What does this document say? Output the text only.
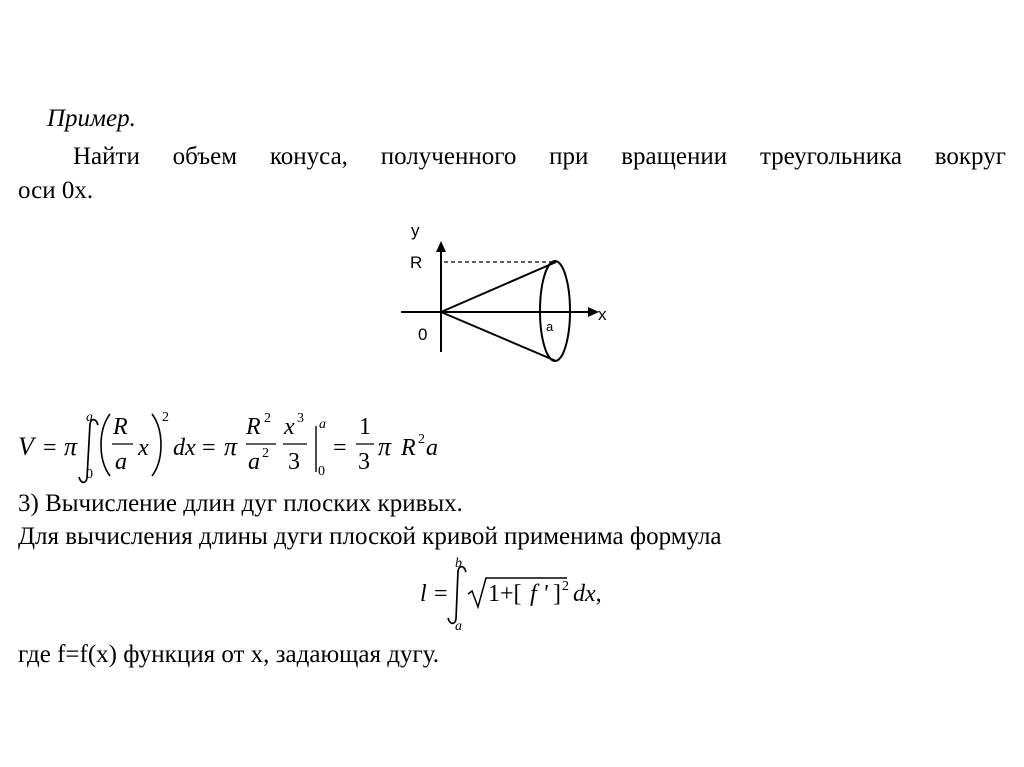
Пример.
Найти объем конуса, полученного при вращении треугольника вокруг
оси 0x.
y
R
x
0	a
V = π
a
0
R
a
x
2
dx = π
R 2
a 2
x 3
3
a
0
=
1
3
π R 2 a
3) Вычисление длин дуг плоских кривых.
Для вычисления длины дуги плоской кривой применима формула
l =
b
a
1+[ f ' ] 2 dx,
где f=f(x) функция от x, задающая дугу.
